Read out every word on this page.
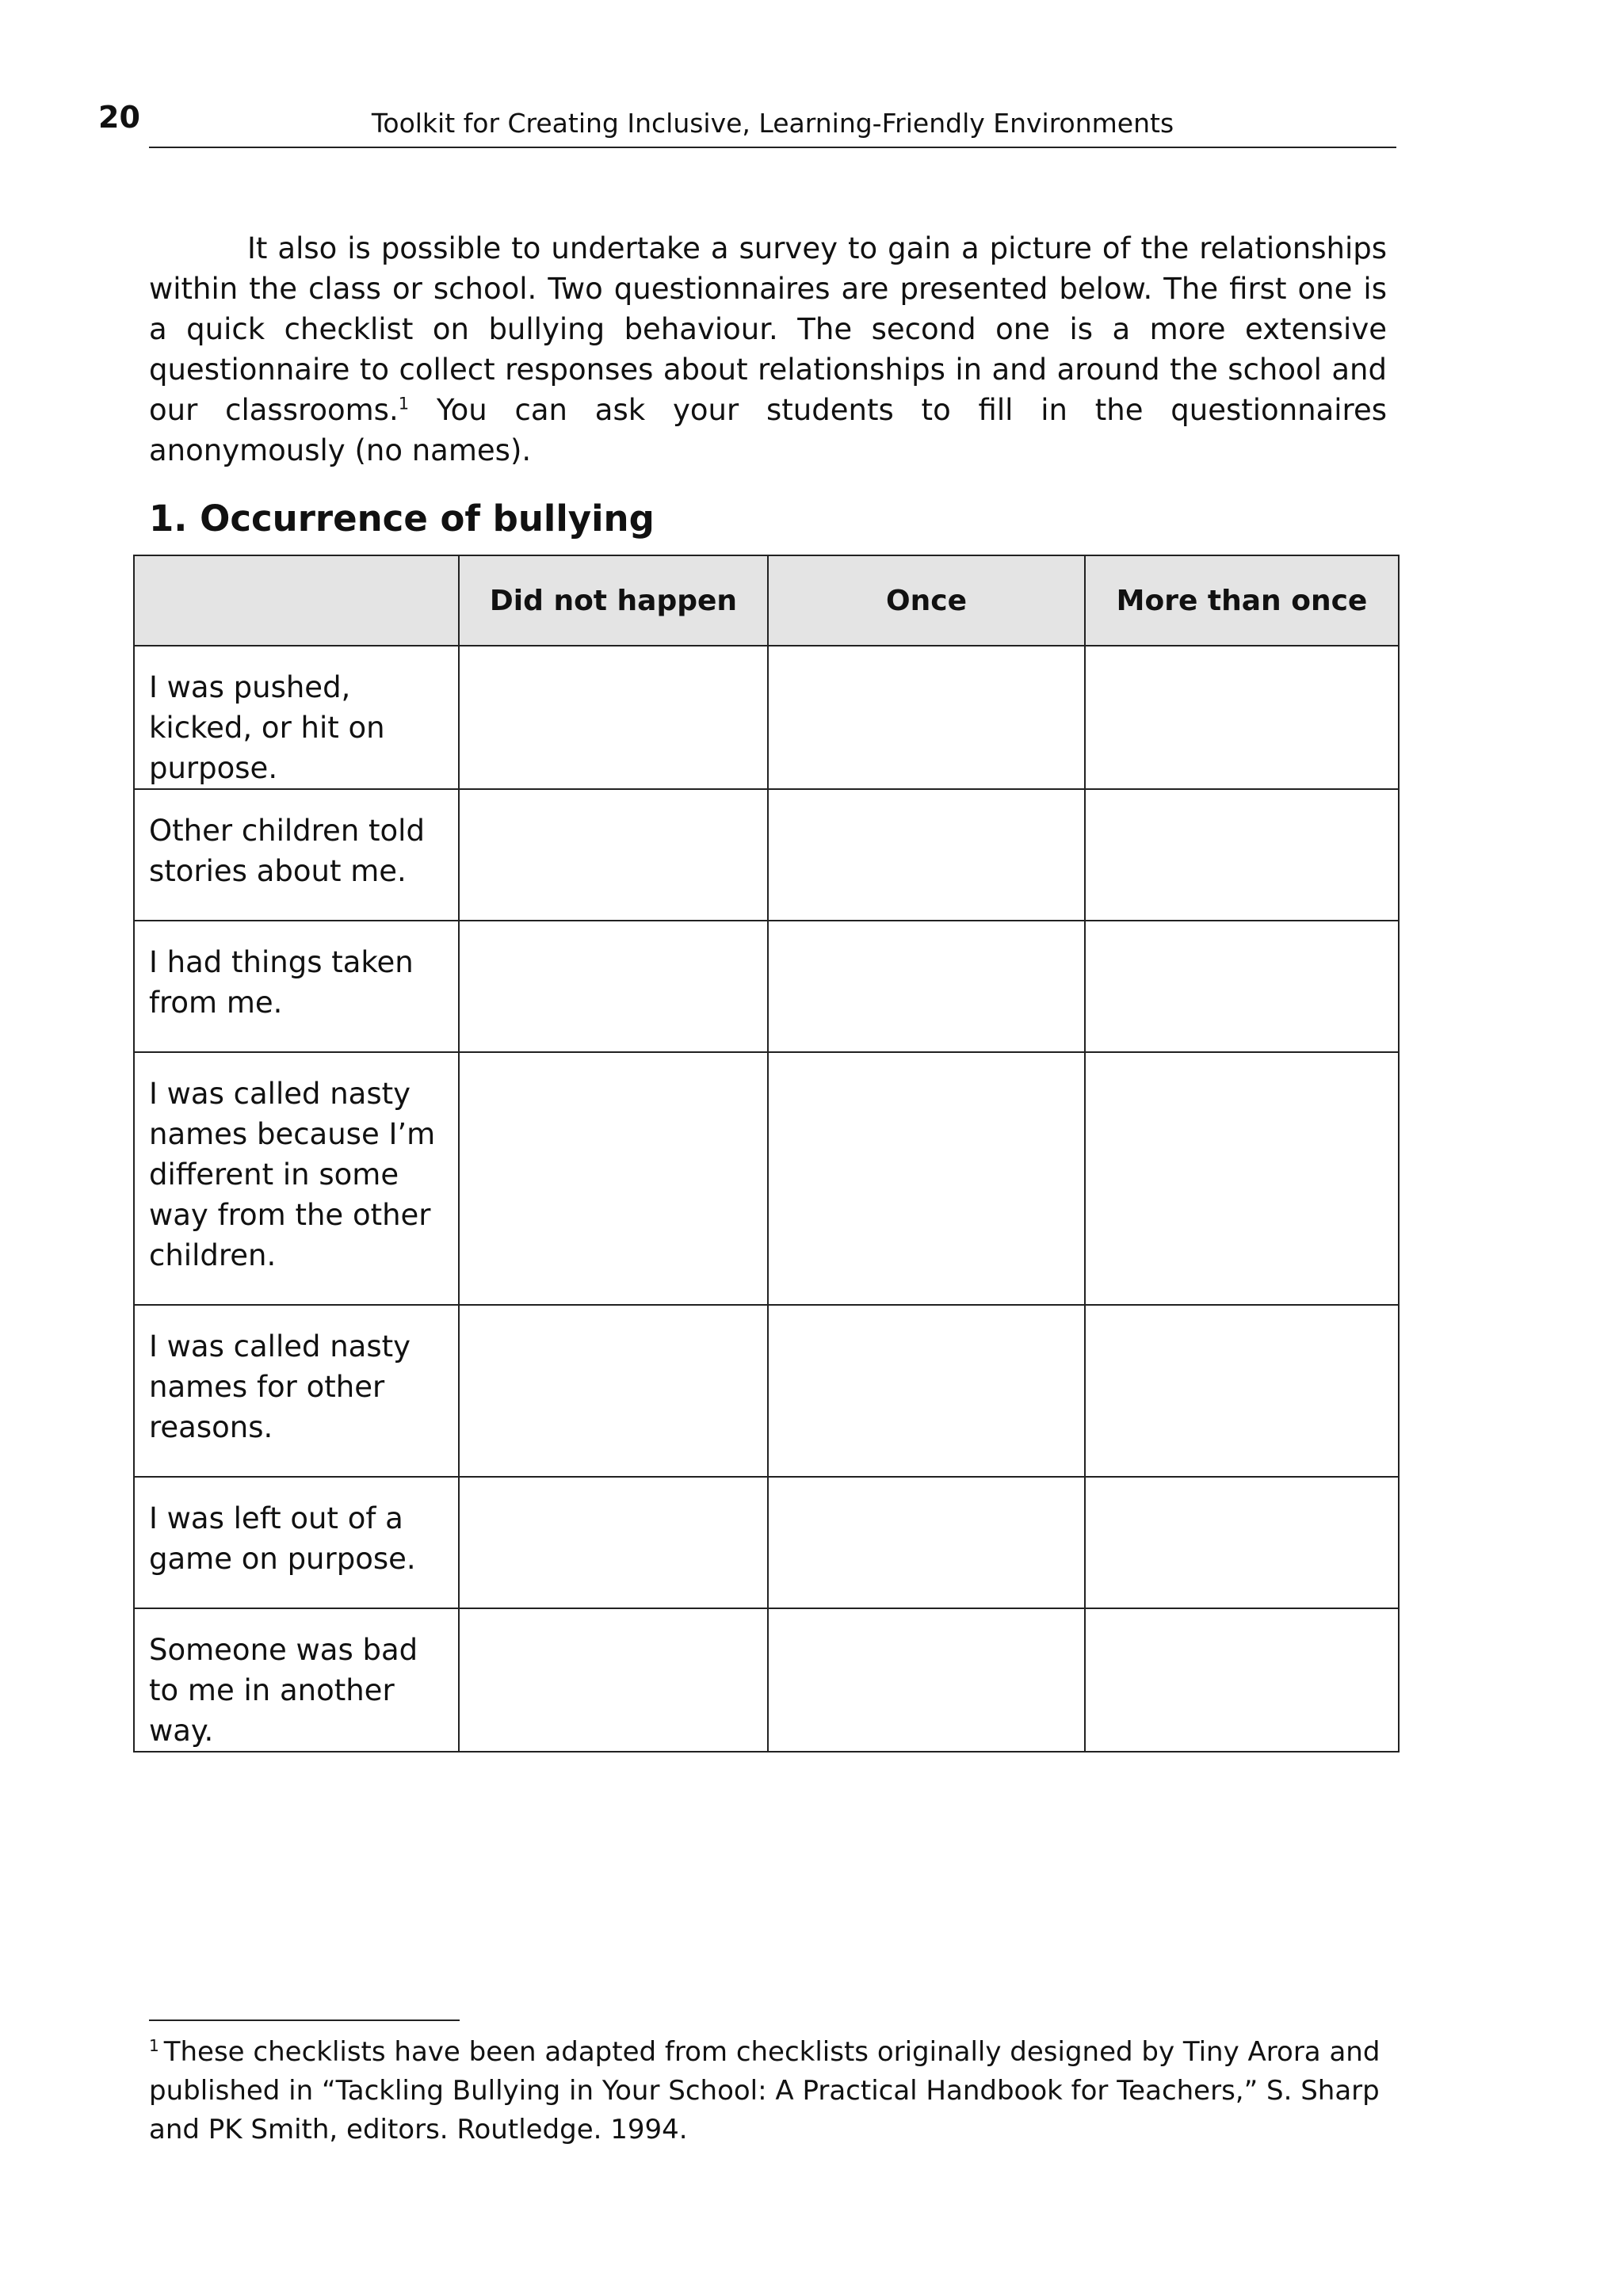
20	Toolkit for Creating Inclusive, Learning-Friendly Environments

It also is possible to undertake a survey to gain a picture of the relationships within the class or school. Two questionnaires are presented below. The first one is a quick checklist on bullying behaviour. The second one is a more extensive questionnaire to collect responses about relationships in and around the school and our classrooms.$^1$ You can ask your students to fill in the questionnaires anonymously (no names).

1. Occurrence of bullying
	Did not happen	Once	More than once
I was pushed, kicked, or hit on purpose.			
Other children told stories about me.			
I had things taken from me.			
I was called nasty names because I’m different in some way from the other children.			
I was called nasty names for other reasons.			
I was left out of a game on purpose.			
Someone was bad to me in another way.			

$^1$ These checklists have been adapted from checklists originally designed by Tiny Arora and published in “Tackling Bullying in Your School: A Practical Handbook for Teachers,” S. Sharp and PK Smith, editors. Routledge. 1994.
